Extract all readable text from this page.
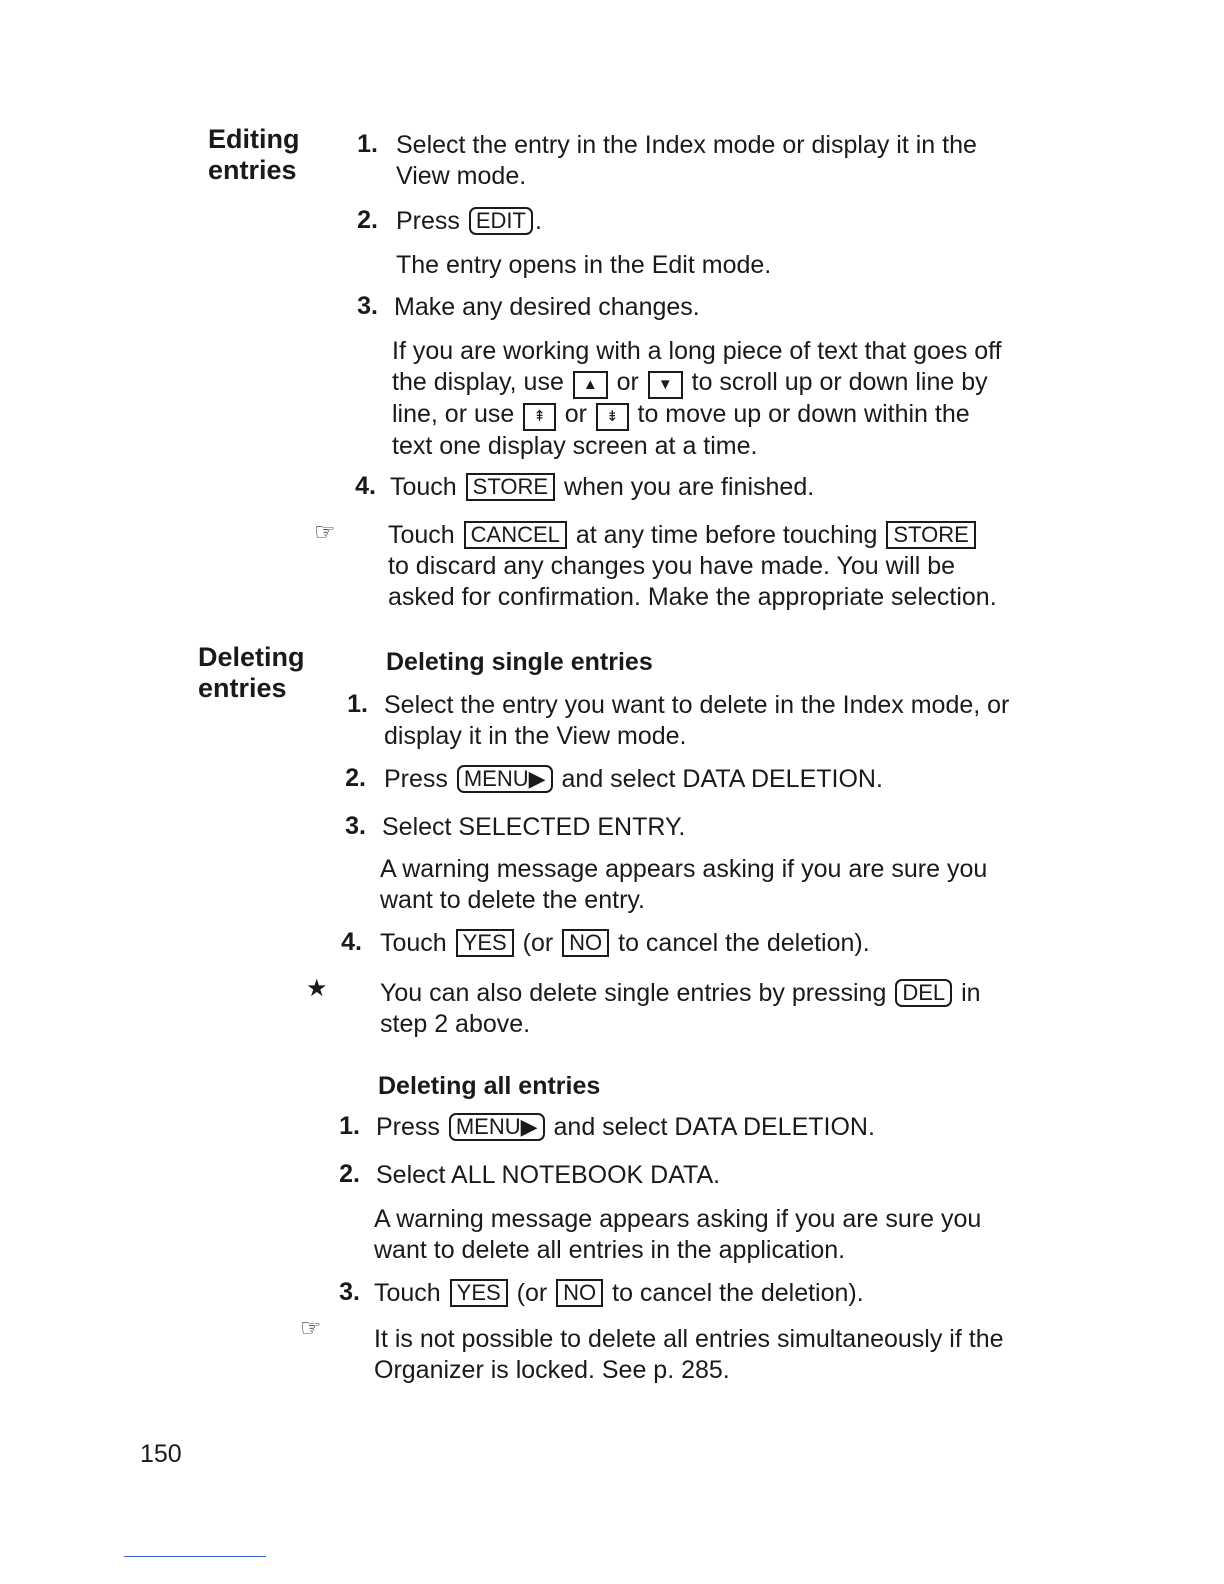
Editing
entries
1. Select the entry in the Index mode or display it in the
View mode.
2. Press EDIT .
The entry opens in the Edit mode.
3. Make any desired changes.
If you are working with a long piece of text that goes off
the display, use ▲ or ▼ to scroll up or down line by
line, or use ⇞ or ⇟ to move up or down within the
text one display screen at a time.
4. Touch STORE when you are finished.
☞ Touch CANCEL at any time before touching STORE
to discard any changes you have made. You will be
asked for confirmation. Make the appropriate selection.
Deleting
entries
Deleting single entries
1. Select the entry you want to delete in the Index mode, or
display it in the View mode.
2. Press MENU▶ and select DATA DELETION.
3. Select SELECTED ENTRY.
A warning message appears asking if you are sure you
want to delete the entry.
4. Touch YES (or NO to cancel the deletion).
★ You can also delete single entries by pressing DEL in
step 2 above.
Deleting all entries
1. Press MENU▶ and select DATA DELETION.
2. Select ALL NOTEBOOK DATA.
A warning message appears asking if you are sure you
want to delete all entries in the application.
3. Touch YES (or NO to cancel the deletion).
☞ It is not possible to delete all entries simultaneously if the
Organizer is locked. See p. 285.
150
